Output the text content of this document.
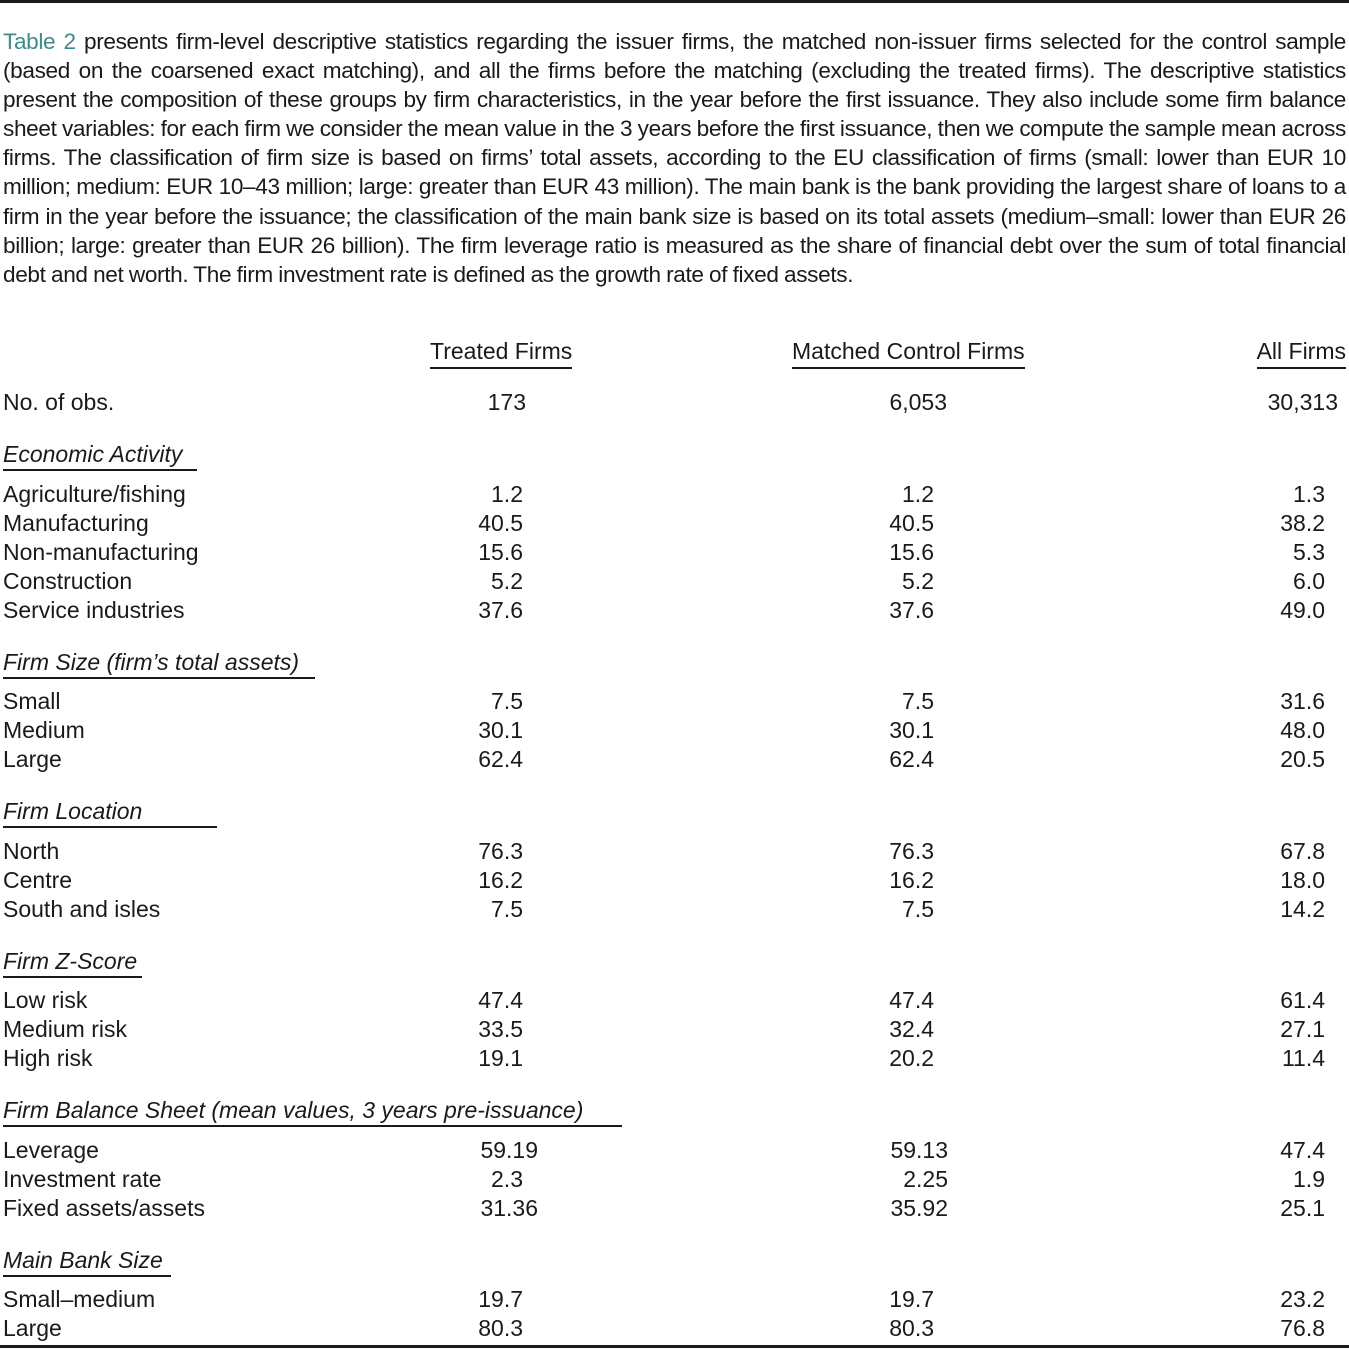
Table 2 presents firm-level descriptive statistics regarding the issuer firms, the matched non-issuer firms selected for the control sample (based on the coarsened exact matching), and all the firms before the matching (excluding the treated firms). The descriptive statistics present the composition of these groups by firm characteristics, in the year before the first issuance. They also include some firm balance sheet variables: for each firm we consider the mean value in the 3 years before the first issuance, then we compute the sample mean across firms. The classification of firm size is based on firms’ total assets, according to the EU classification of firms (small: lower than EUR 10 million; medium: EUR 10–43 million; large: greater than EUR 43 million). The main bank is the bank providing the largest share of loans to a firm in the year before the issuance; the classification of the main bank size is based on its total assets (medium–small: lower than EUR 26 billion; large: greater than EUR 26 billion). The firm leverage ratio is measured as the share of financial debt over the sum of total financial debt and net worth. The firm investment rate is defined as the growth rate of fixed assets.

Treated Firms	Matched Control Firms	All Firms
No. of obs.	173	6,053	30,313
Economic Activity
Agriculture/fishing	1.2	1.2	1.3
Manufacturing	40.5	40.5	38.2
Non-manufacturing	15.6	15.6	5.3
Construction	5.2	5.2	6.0
Service industries	37.6	37.6	49.0
Firm Size (firm’s total assets)
Small	7.5	7.5	31.6
Medium	30.1	30.1	48.0
Large	62.4	62.4	20.5
Firm Location
North	76.3	76.3	67.8
Centre	16.2	16.2	18.0
South and isles	7.5	7.5	14.2
Firm Z-Score
Low risk	47.4	47.4	61.4
Medium risk	33.5	32.4	27.1
High risk	19.1	20.2	11.4
Firm Balance Sheet (mean values, 3 years pre-issuance)
Leverage	59.19	59.13	47.4
Investment rate	2.3	2.25	1.9
Fixed assets/assets	31.36	35.92	25.1
Main Bank Size
Small–medium	19.7	19.7	23.2
Large	80.3	80.3	76.8
